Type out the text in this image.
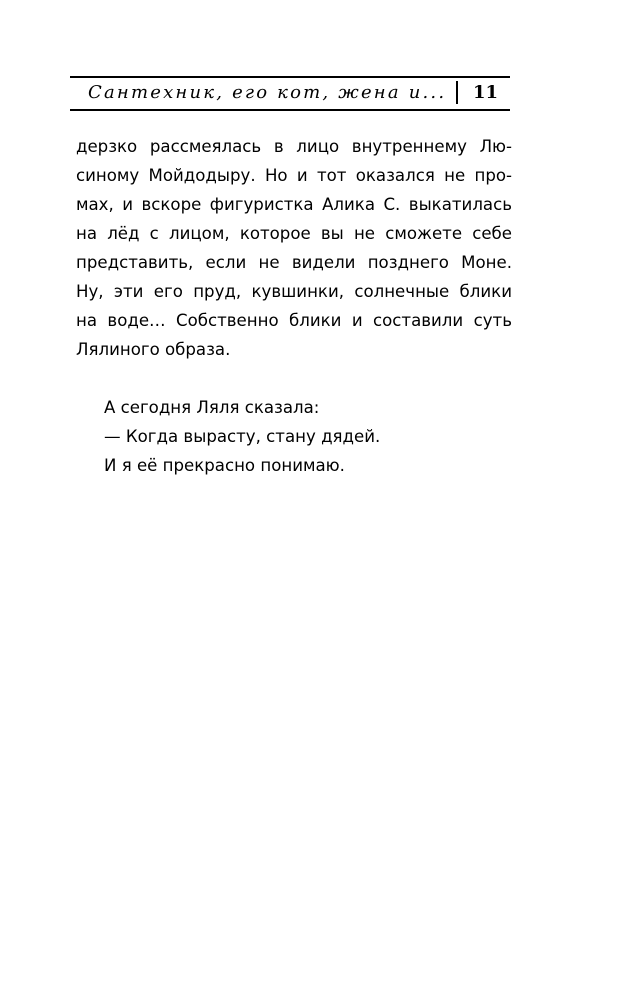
Сантехник, его кот, жена и... 11
дерзко рассмеялась в лицо внутреннему Лю-
синому Мойдодыру. Но и тот оказался не про-
мах, и вскоре фигуристка Алика С. выкатилась
на лёд с лицом, которое вы не сможете себе
представить, если не видели позднего Моне.
Ну, эти его пруд, кувшинки, солнечные блики
на воде… Собственно блики и составили суть
Лялиного образа.
А сегодня Ляля сказала:
— Когда вырасту, стану дядей.
И я её прекрасно понимаю.
